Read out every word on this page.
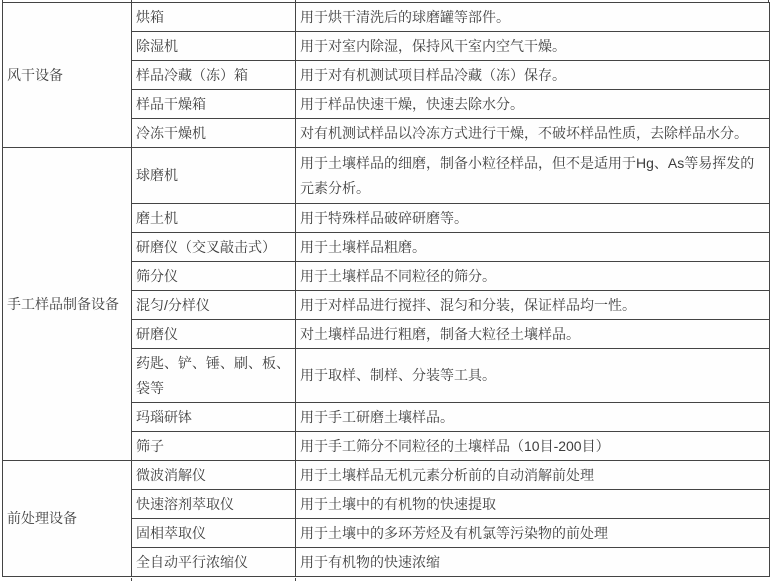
风干设备	烘箱	用于烘干清洗后的球磨罐等部件。
	除湿机	用于对室内除湿，保持风干室内空气干燥。
	样品冷藏（冻）箱	用于对有机测试项目样品冷藏（冻）保存。
	样品干燥箱	用于样品快速干燥，快速去除水分。
	冷冻干燥机	对有机测试样品以冷冻方式进行干燥，不破坏样品性质，去除样品水分。
手工样品制备设备	球磨机	用于土壤样品的细磨，制备小粒径样品，但不是适用于Hg、As等易挥发的元素分析。
	磨土机	用于特殊样品破碎研磨等。
	研磨仪（交叉敲击式）	用于土壤样品粗磨。
	筛分仪	用于土壤样品不同粒径的筛分。
	混匀/分样仪	用于对样品进行搅拌、混匀和分装，保证样品均一性。
	研磨仪	对土壤样品进行粗磨，制备大粒径土壤样品。
	药匙、铲、锤、刷、板、袋等	用于取样、制样、分装等工具。
	玛瑙研钵	用于手工研磨土壤样品。
	筛子	用于手工筛分不同粒径的土壤样品（10目-200目）
前处理设备	微波消解仪	用于土壤样品无机元素分析前的自动消解前处理
	快速溶剂萃取仪	用于土壤中的有机物的快速提取
	固相萃取仪	用于土壤中的多环芳烃及有机氯等污染物的前处理
	全自动平行浓缩仪	用于有机物的快速浓缩
